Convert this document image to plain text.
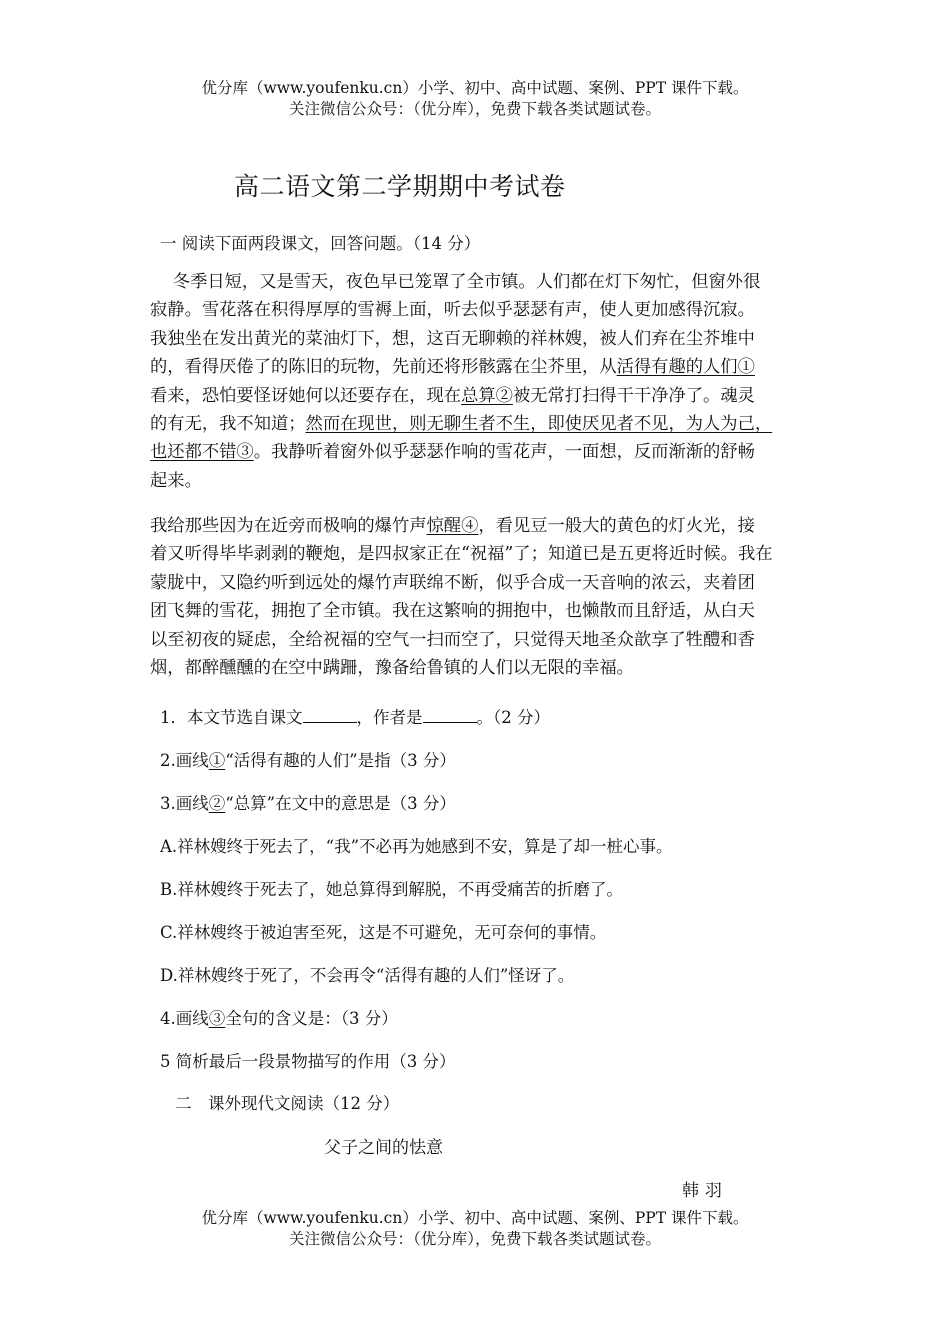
优分库（www.youfenku.cn）小学、初中、高中试题、案例、PPT 课件下载。
关注微信公众号：（优分库），免费下载各类试题试卷。
高二语文第二学期期中考试卷
一 阅读下面两段课文，回答问题。（14 分）
　 冬季日短，又是雪天，夜色早已笼罩了全市镇。人们都在灯下匆忙，但窗外很
寂静。雪花落在积得厚厚的雪褥上面，听去似乎瑟瑟有声，使人更加感得沉寂。
我独坐在发出黄光的菜油灯下，想，这百无聊赖的祥林嫂，被人们弃在尘芥堆中
的，看得厌倦了的陈旧的玩物，先前还将形骸露在尘芥里，从活得有趣的人们①
看来，恐怕要怪讶她何以还要存在，现在总算②被无常打扫得干干净净了。魂灵
的有无，我不知道；然而在现世，则无聊生者不生，即使厌见者不见，为人为己，
也还都不错③。我静听着窗外似乎瑟瑟作响的雪花声，一面想，反而渐渐的舒畅
起来。
我给那些因为在近旁而极响的爆竹声惊醒④，看见豆一般大的黄色的灯火光，接
着又听得毕毕剥剥的鞭炮，是四叔家正在“祝福”了；知道已是五更将近时候。我在
蒙胧中，又隐约听到远处的爆竹声联绵不断，似乎合成一天音响的浓云，夹着团
团飞舞的雪花，拥抱了全市镇。我在这繁响的拥抱中，也懒散而且舒适，从白天
以至初夜的疑虑，全给祝福的空气一扫而空了，只觉得天地圣众歆享了牲醴和香
烟，都醉醺醺的在空中蹒跚，豫备给鲁镇的人们以无限的幸福。
1．本文节选自课文	，作者是	。（2 分）
2.画线①“活得有趣的人们”是指（3 分）
3.画线②“总算”在文中的意思是（3 分）
A.祥林嫂终于死去了，“我”不必再为她感到不安，算是了却一桩心事。
B.祥林嫂终于死去了，她总算得到解脱，不再受痛苦的折磨了。
C.祥林嫂终于被迫害至死，这是不可避免，无可奈何的事情。
D.祥林嫂终于死了，不会再令“活得有趣的人们”怪讶了。
4.画线③全句的含义是：（3 分）
5 简析最后一段景物描写的作用（3 分）
二　课外现代文阅读（12 分）
父子之间的怯意
韩羽
优分库（www.youfenku.cn）小学、初中、高中试题、案例、PPT 课件下载。
关注微信公众号：（优分库），免费下载各类试题试卷。
